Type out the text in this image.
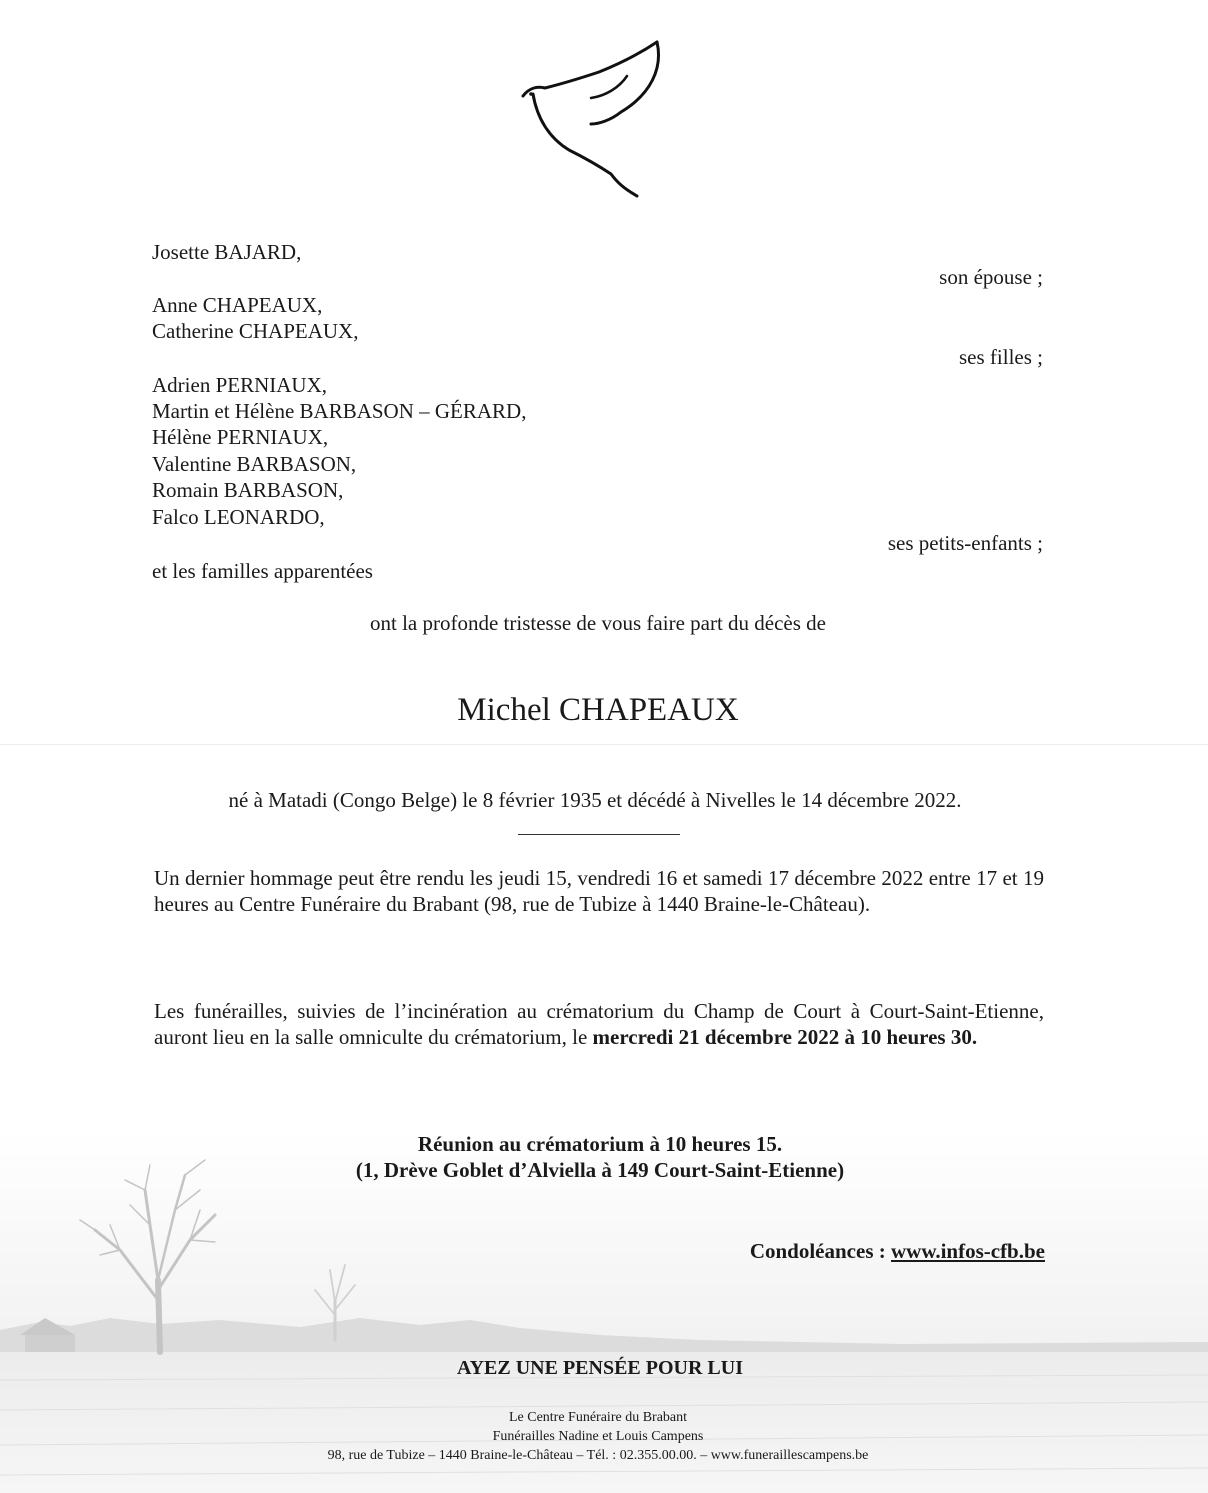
Josette BAJARD,
Anne CHAPEAUX,
Catherine CHAPEAUX,
Adrien PERNIAUX,
Martin et Hélène BARBASON – GÉRARD,
Hélène PERNIAUX,
Valentine BARBASON,
Romain BARBASON,
Falco LEONARDO,
et les familles apparentées
son épouse ;
ses filles ;
ses petits-enfants ;
ont la profonde tristesse de vous faire part du décès de
Michel CHAPEAUX
né à Matadi (Congo Belge) le 8 février 1935 et décédé à Nivelles le 14 décembre 2022.
Un dernier hommage peut être rendu les jeudi 15, vendredi 16 et samedi 17 décembre 2022 entre 17 et 19 heures au Centre Funéraire du Brabant (98, rue de Tubize à 1440 Braine-le-Château).
Les funérailles, suivies de l’incinération au crématorium du Champ de Court à Court-Saint-Etienne, auront lieu en la salle omniculte du crématorium, le mercredi 21 décembre 2022 à 10 heures 30.
Réunion au crématorium à 10 heures 15.
(1, Drève Goblet d’Alviella à 149 Court-Saint-Etienne)
Condoléances : www.infos-cfb.be
AYEZ UNE PENSÉE POUR LUI
Le Centre Funéraire du Brabant
Funérailles Nadine et Louis Campens
98, rue de Tubize – 1440 Braine-le-Château – Tél. : 02.355.00.00. – www.funeraillescampens.be
